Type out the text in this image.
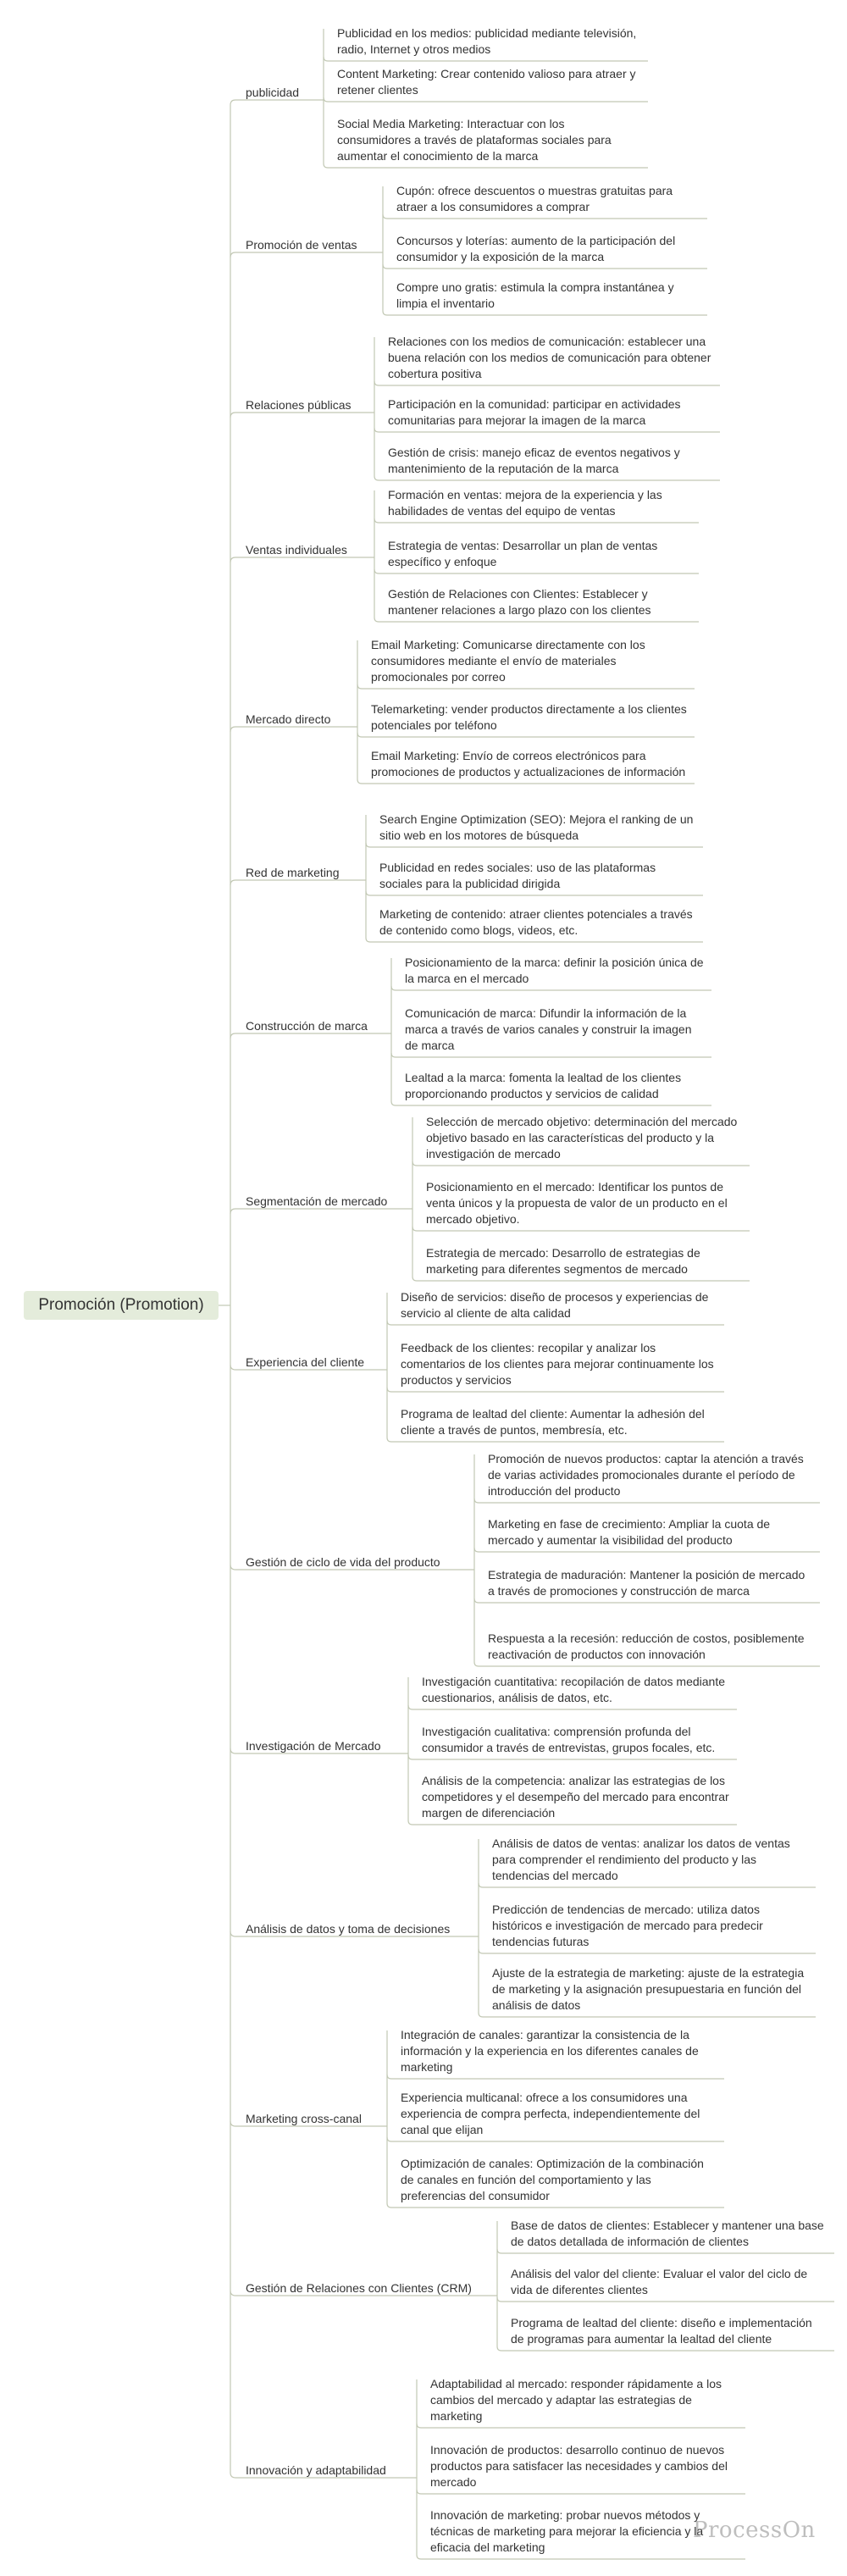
Promoción (Promotion)
publicidad
Publicidad en los medios: publicidad mediante televisión, radio, Internet y otros medios
Content Marketing: Crear contenido valioso para atraer y retener clientes
Social Media Marketing: Interactuar con los consumidores a través de plataformas sociales para aumentar el conocimiento de la marca
Promoción de ventas
Cupón: ofrece descuentos o muestras gratuitas para atraer a los consumidores a comprar
Concursos y loterías: aumento de la participación del consumidor y la exposición de la marca
Compre uno gratis: estimula la compra instantánea y limpia el inventario
Relaciones públicas
Relaciones con los medios de comunicación: establecer una buena relación con los medios de comunicación para obtener cobertura positiva
Participación en la comunidad: participar en actividades comunitarias para mejorar la imagen de la marca
Gestión de crisis: manejo eficaz de eventos negativos y mantenimiento de la reputación de la marca
Ventas individuales
Formación en ventas: mejora de la experiencia y las habilidades de ventas del equipo de ventas
Estrategia de ventas: Desarrollar un plan de ventas específico y enfoque
Gestión de Relaciones con Clientes: Establecer y mantener relaciones a largo plazo con los clientes
Mercado directo
Email Marketing: Comunicarse directamente con los consumidores mediante el envío de materiales promocionales por correo
Telemarketing: vender productos directamente a los clientes potenciales por teléfono
Email Marketing: Envío de correos electrónicos para promociones de productos y actualizaciones de información
Red de marketing
Search Engine Optimization (SEO): Mejora el ranking de un sitio web en los motores de búsqueda
Publicidad en redes sociales: uso de las plataformas sociales para la publicidad dirigida
Marketing de contenido: atraer clientes potenciales a través de contenido como blogs, videos, etc.
Construcción de marca
Posicionamiento de la marca: definir la posición única de la marca en el mercado
Comunicación de marca: Difundir la información de la marca a través de varios canales y construir la imagen de marca
Lealtad a la marca: fomenta la lealtad de los clientes proporcionando productos y servicios de calidad
Segmentación de mercado
Selección de mercado objetivo: determinación del mercado objetivo basado en las características del producto y la investigación de mercado
Posicionamiento en el mercado: Identificar los puntos de venta únicos y la propuesta de valor de un producto en el mercado objetivo.
Estrategia de mercado: Desarrollo de estrategias de marketing para diferentes segmentos de mercado
Experiencia del cliente
Diseño de servicios: diseño de procesos y experiencias de servicio al cliente de alta calidad
Feedback de los clientes: recopilar y analizar los comentarios de los clientes para mejorar continuamente los productos y servicios
Programa de lealtad del cliente: Aumentar la adhesión del cliente a través de puntos, membresía, etc.
Gestión de ciclo de vida del producto
Promoción de nuevos productos: captar la atención a través de varias actividades promocionales durante el período de introducción del producto
Marketing en fase de crecimiento: Ampliar la cuota de mercado y aumentar la visibilidad del producto
Estrategia de maduración: Mantener la posición de mercado a través de promociones y construcción de marca
Respuesta a la recesión: reducción de costos, posiblemente reactivación de productos con innovación
Investigación de Mercado
Investigación cuantitativa: recopilación de datos mediante cuestionarios, análisis de datos, etc.
Investigación cualitativa: comprensión profunda del consumidor a través de entrevistas, grupos focales, etc.
Análisis de la competencia: analizar las estrategias de los competidores y el desempeño del mercado para encontrar margen de diferenciación
Análisis de datos y toma de decisiones
Análisis de datos de ventas: analizar los datos de ventas para comprender el rendimiento del producto y las tendencias del mercado
Predicción de tendencias de mercado: utiliza datos históricos e investigación de mercado para predecir tendencias futuras
Ajuste de la estrategia de marketing: ajuste de la estrategia de marketing y la asignación presupuestaria en función del análisis de datos
Marketing cross-canal
Integración de canales: garantizar la consistencia de la información y la experiencia en los diferentes canales de marketing
Experiencia multicanal: ofrece a los consumidores una experiencia de compra perfecta, independientemente del canal que elijan
Optimización de canales: Optimización de la combinación de canales en función del comportamiento y las preferencias del consumidor
Gestión de Relaciones con Clientes (CRM)
Base de datos de clientes: Establecer y mantener una base de datos detallada de información de clientes
Análisis del valor del cliente: Evaluar el valor del ciclo de vida de diferentes clientes
Programa de lealtad del cliente: diseño e implementación de programas para aumentar la lealtad del cliente
Innovación y adaptabilidad
Adaptabilidad al mercado: responder rápidamente a los cambios del mercado y adaptar las estrategias de marketing
Innovación de productos: desarrollo continuo de nuevos productos para satisfacer las necesidades y cambios del mercado
Innovación de marketing: probar nuevos métodos y técnicas de marketing para mejorar la eficiencia y la eficacia del marketing
ProcessOn
